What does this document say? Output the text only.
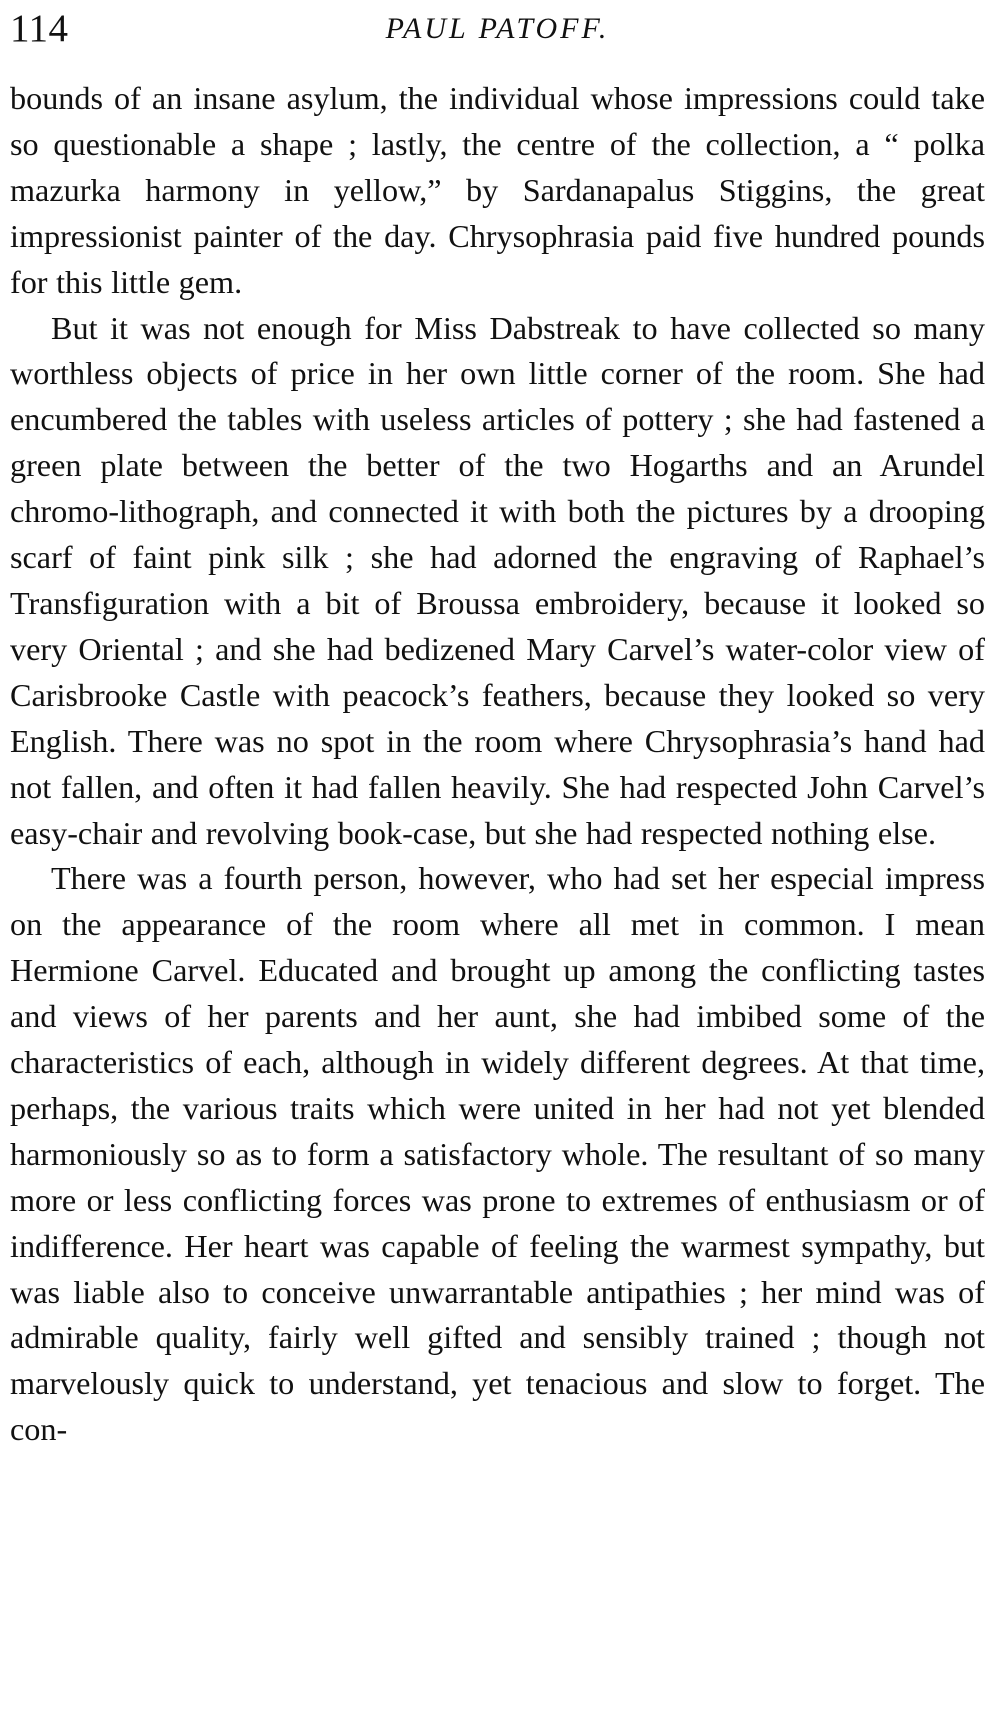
114	PAUL PATOFF.

bounds of an insane asylum, the individual whose impressions could take so questionable a shape ; lastly, the centre of the collection, a “ polka mazurka harmony in yellow,” by Sardanapalus Stiggins, the great impressionist painter of the day. Chrysophrasia paid five hundred pounds for this little gem.

But it was not enough for Miss Dabstreak to have collected so many worthless objects of price in her own little corner of the room. She had encumbered the tables with useless articles of pottery ; she had fastened a green plate between the better of the two Hogarths and an Arundel chromo-lithograph, and connected it with both the pictures by a drooping scarf of faint pink silk ; she had adorned the engraving of Raphael’s Transfiguration with a bit of Broussa embroidery, because it looked so very Oriental ; and she had bedizened Mary Carvel’s water-color view of Carisbrooke Castle with peacock’s feathers, because they looked so very English. There was no spot in the room where Chrysophrasia’s hand had not fallen, and often it had fallen heavily. She had respected John Carvel’s easy-chair and revolving book-case, but she had respected nothing else.

There was a fourth person, however, who had set her especial impress on the appearance of the room where all met in common. I mean Hermione Carvel. Educated and brought up among the conflicting tastes and views of her parents and her aunt, she had imbibed some of the characteristics of each, although in widely different degrees. At that time, perhaps, the various traits which were united in her had not yet blended harmoniously so as to form a satisfactory whole. The resultant of so many more or less conflicting forces was prone to extremes of enthusiasm or of indifference. Her heart was capable of feeling the warmest sympathy, but was liable also to conceive unwarrantable antipathies ; her mind was of admirable quality, fairly well gifted and sensibly trained ; though not marvelously quick to understand, yet tenacious and slow to forget. The con-
